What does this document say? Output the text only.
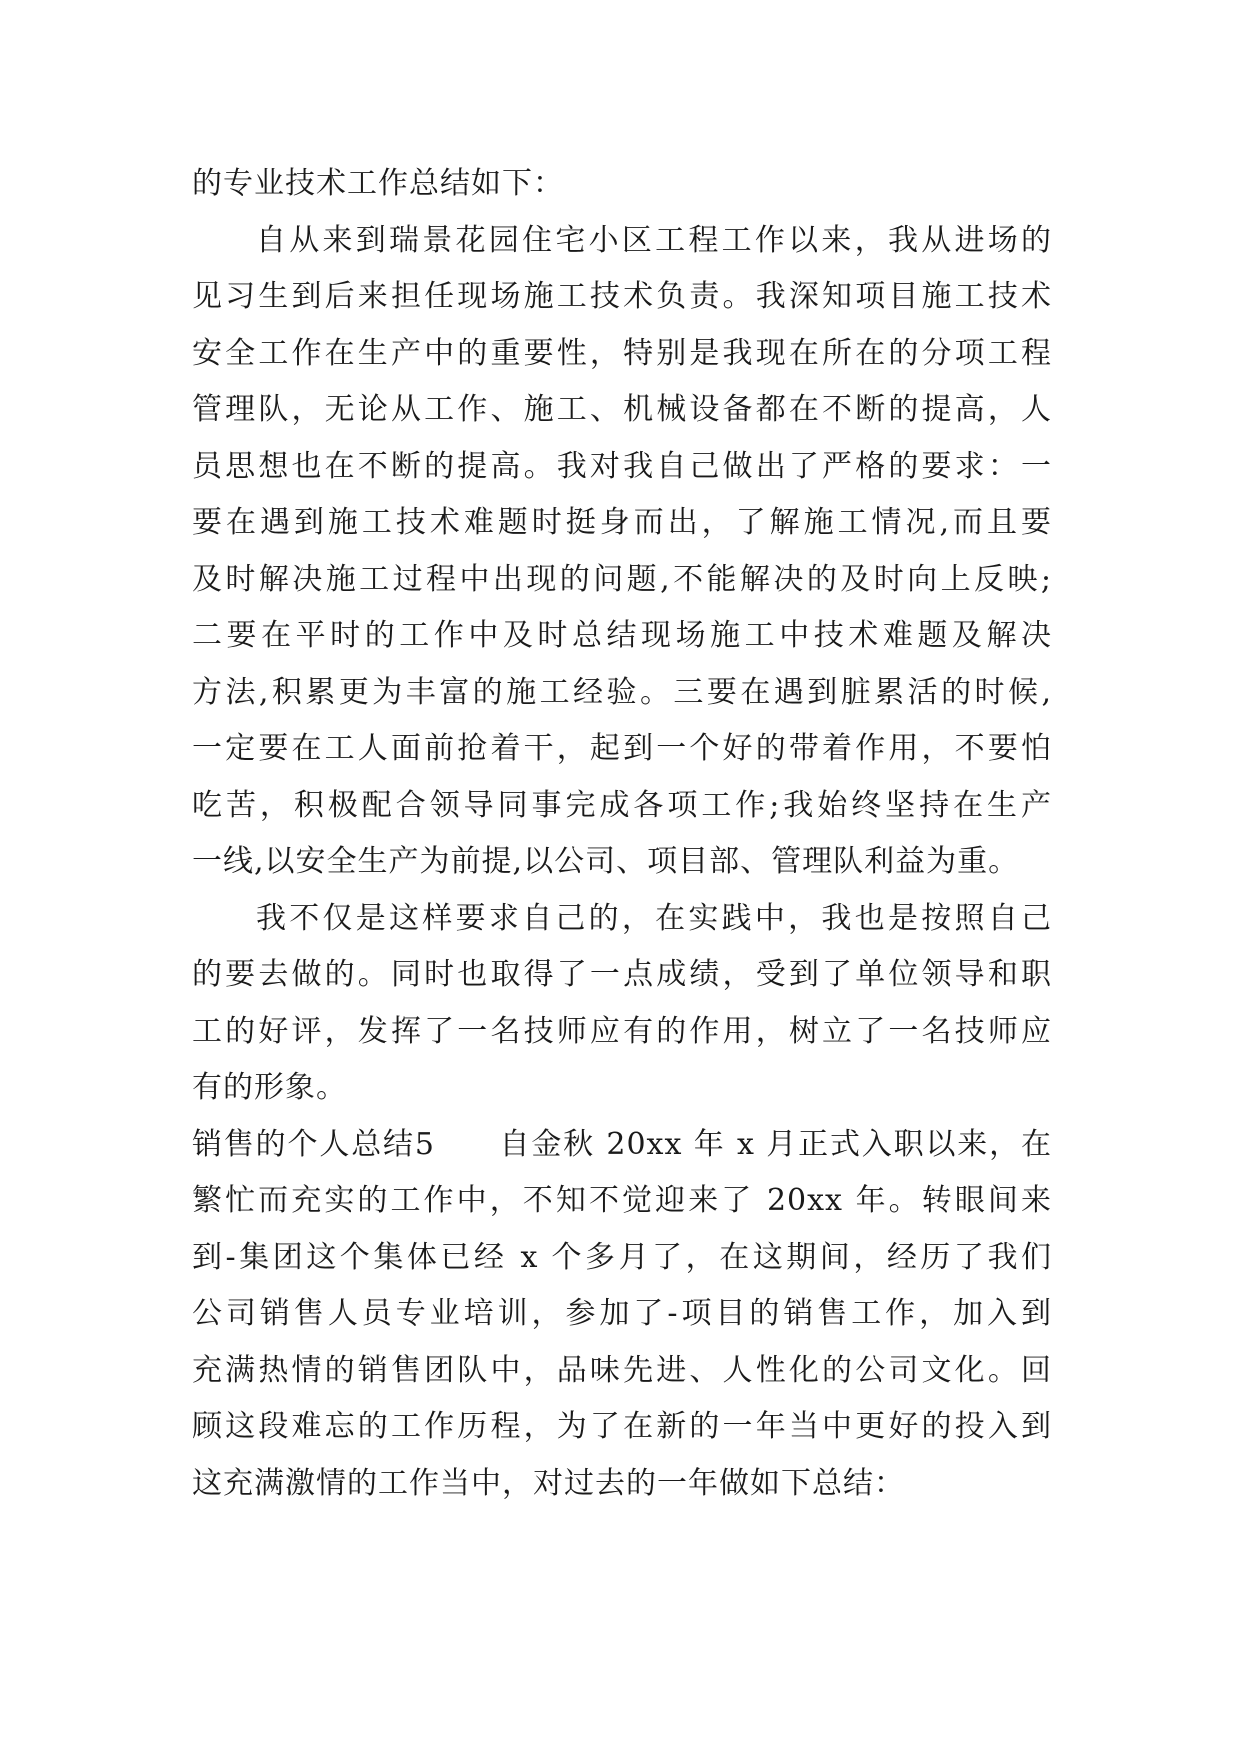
的专业技术工作总结如下：
自从来到瑞景花园住宅小区工程工作以来，我从进场的
见习生到后来担任现场施工技术负责。我深知项目施工技术
安全工作在生产中的重要性，特别是我现在所在的分项工程
管理队，无论从工作、施工、机械设备都在不断的提高，人
员思想也在不断的提高。我对我自己做出了严格的要求：一
要在遇到施工技术难题时挺身而出，了解施工情况,而且要
及时解决施工过程中出现的问题,不能解决的及时向上反映;
二要在平时的工作中及时总结现场施工中技术难题及解决
方法,积累更为丰富的施工经验。三要在遇到脏累活的时候,
一定要在工人面前抢着干，起到一个好的带着作用，不要怕
吃苦，积极配合领导同事完成各项工作;我始终坚持在生产
一线,以安全生产为前提,以公司、项目部、管理队利益为重。
我不仅是这样要求自己的，在实践中，我也是按照自己
的要去做的。同时也取得了一点成绩，受到了单位领导和职
工的好评，发挥了一名技师应有的作用，树立了一名技师应
有的形象。
销售的个人总结5　　自金秋 20xx 年 x 月正式入职以来，在
繁忙而充实的工作中，不知不觉迎来了 20xx 年。转眼间来
到-集团这个集体已经 x 个多月了，在这期间，经历了我们
公司销售人员专业培训，参加了-项目的销售工作，加入到
充满热情的销售团队中，品味先进、人性化的公司文化。回
顾这段难忘的工作历程，为了在新的一年当中更好的投入到
这充满激情的工作当中，对过去的一年做如下总结：
